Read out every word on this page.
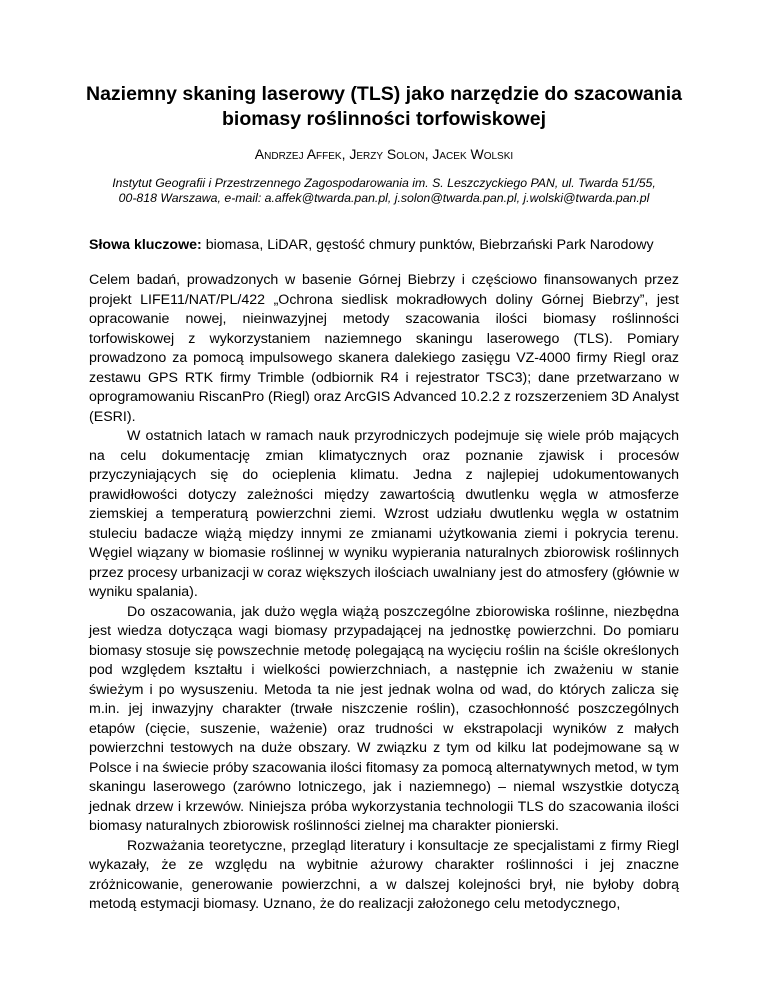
Naziemny skaning laserowy (TLS) jako narzędzie do szacowania biomasy roślinności torfowiskowej
Andrzej Affek, Jerzy Solon, Jacek Wolski
Instytut Geografii i Przestrzennego Zagospodarowania im. S. Leszczyckiego PAN, ul. Twarda 51/55,
00-818 Warszawa, e-mail: a.affek@twarda.pan.pl, j.solon@twarda.pan.pl, j.wolski@twarda.pan.pl
Słowa kluczowe: biomasa, LiDAR, gęstość chmury punktów, Biebrzański Park Narodowy

Celem badań, prowadzonych w basenie Górnej Biebrzy i częściowo finansowanych przez projekt LIFE11/NAT/PL/422 „Ochrona siedlisk mokradłowych doliny Górnej Biebrzy”, jest opracowanie nowej, nieinwazyjnej metody szacowania ilości biomasy roślinności torfowiskowej z wykorzystaniem naziemnego skaningu laserowego (TLS). Pomiary prowadzono za pomocą impulsowego skanera dalekiego zasięgu VZ-4000 firmy Riegl oraz zestawu GPS RTK firmy Trimble (odbiornik R4 i rejestrator TSC3); dane przetwarzano w oprogramowaniu RiscanPro (Riegl) oraz ArcGIS Advanced 10.2.2 z rozszerzeniem 3D Analyst (ESRI).

W ostatnich latach w ramach nauk przyrodniczych podejmuje się wiele prób mających na celu dokumentację zmian klimatycznych oraz poznanie zjawisk i procesów przyczyniających się do ocieplenia klimatu. Jedna z najlepiej udokumentowanych prawidłowości dotyczy zależności między zawartością dwutlenku węgla w atmosferze ziemskiej a temperaturą powierzchni ziemi. Wzrost udziału dwutlenku węgla w ostatnim stuleciu badacze wiążą między innymi ze zmianami użytkowania ziemi i pokrycia terenu. Węgiel wiązany w biomasie roślinnej w wyniku wypierania naturalnych zbiorowisk roślinnych przez procesy urbanizacji w coraz większych ilościach uwalniany jest do atmosfery (głównie w wyniku spalania).

Do oszacowania, jak dużo węgla wiążą poszczególne zbiorowiska roślinne, niezbędna jest wiedza dotycząca wagi biomasy przypadającej na jednostkę powierzchni. Do pomiaru biomasy stosuje się powszechnie metodę polegającą na wycięciu roślin na ściśle określonych pod względem kształtu i wielkości powierzchniach, a następnie ich zważeniu w stanie świeżym i po wysuszeniu. Metoda ta nie jest jednak wolna od wad, do których zalicza się m.in. jej inwazyjny charakter (trwałe niszczenie roślin), czasochłonność poszczególnych etapów (cięcie, suszenie, ważenie) oraz trudności w ekstrapolacji wyników z małych powierzchni testowych na duże obszary. W związku z tym od kilku lat podejmowane są w Polsce i na świecie próby szacowania ilości fitomasy za pomocą alternatywnych metod, w tym skaningu laserowego (zarówno lotniczego, jak i naziemnego) – niemal wszystkie dotyczą jednak drzew i krzewów. Niniejsza próba wykorzystania technologii TLS do szacowania ilości biomasy naturalnych zbiorowisk roślinności zielnej ma charakter pionierski.

Rozważania teoretyczne, przegląd literatury i konsultacje ze specjalistami z firmy Riegl wykazały, że ze względu na wybitnie ażurowy charakter roślinności i jej znaczne zróżnicowanie, generowanie powierzchni, a w dalszej kolejności brył, nie byłoby dobrą metodą estymacji biomasy. Uznano, że do realizacji założonego celu metodycznego,
